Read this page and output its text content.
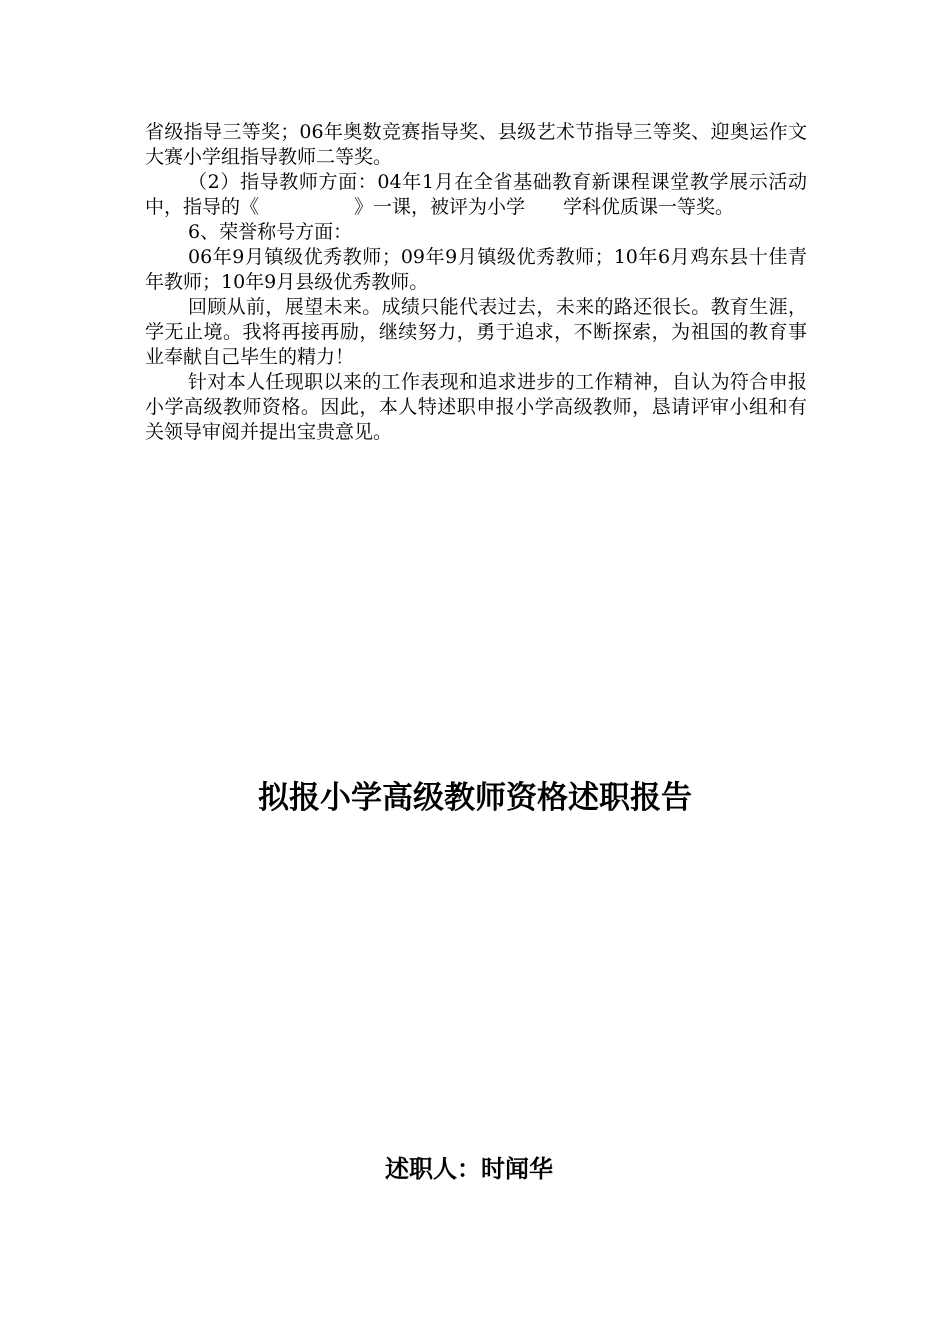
省级指导三等奖；06年奥数竞赛指导奖、县级艺术节指导三等奖、迎奥运作文大赛小学组指导教师二等奖。

（2）指导教师方面：04年1月在全省基础教育新课程课堂教学展示活动中，指导的《　　　　　》一课，被评为小学　　学科优质课一等奖。

6、荣誉称号方面：

06年9月镇级优秀教师；09年9月镇级优秀教师；10年6月鸡东县十佳青年教师；10年9月县级优秀教师。

回顾从前，展望未来。成绩只能代表过去，未来的路还很长。教育生涯，学无止境。我将再接再励，继续努力，勇于追求，不断探索，为祖国的教育事业奉献自己毕生的精力！

针对本人任现职以来的工作表现和追求进步的工作精神，自认为符合申报小学高级教师资格。因此，本人特述职申报小学高级教师，恳请评审小组和有关领导审阅并提出宝贵意见。

拟报小学高级教师资格述职报告
述职人：时闻华
